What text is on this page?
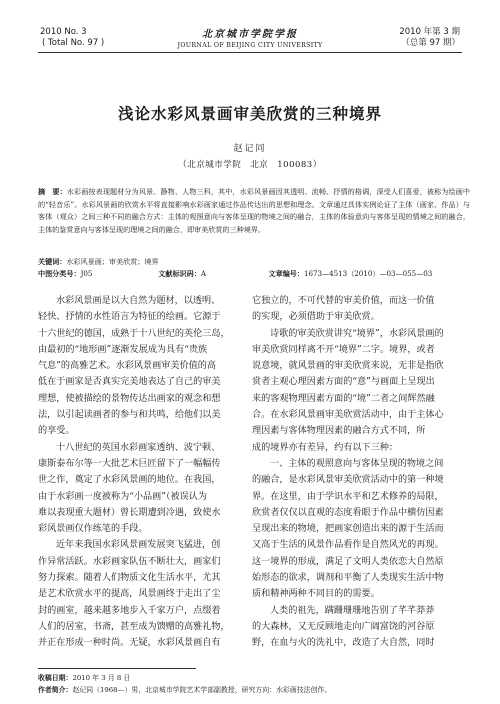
2010 No. 3
( Total No. 97 )
北京城市学院学报
JOURNAL OF BEIJING CITY UNIVERSITY
2010 年第 3 期
（总第 97 期）
浅论水彩风景画审美欣赏的三种境界
赵记同
（北京城市学院　北京　100083）
摘　要：水彩画按表现题材分为风景、静物、人物三科，其中，水彩风景画因其透明、流畅、抒情的格调，深受人们喜爱，被称为绘画中的“轻音乐”。水彩风景画的欣赏水平将直接影响水彩画家通过作品传达出的思想和理念。文章通过具体实例论证了主体（画家、作品）与客体（观众）之间三种不同的融合方式：主体的观照意向与客体呈现的物境之间的融合，主体的体验意向与客体呈现的情境之间的融合，主体的鉴赏意向与客体呈现的理境之间的融合，即审美欣赏的三种境界。
关键词：水彩风景画；审美欣赏；境界
中图分类号：J05	文献标识码：A	文章编号：1673—4513（2010）—03—055—03

水彩风景画是以大自然为题材，以透明、

轻快、抒情的水性语言为特征的绘画。它源于

十六世纪的德国，成熟于十八世纪的英伦三岛，

由最初的“地形画”逐渐发展成为具有“贵族

气息”的高雅艺术。水彩风景画审美价值的高

低在于画家是否真实完美地表达了自己的审美

理想，使被描绘的景物传达出画家的观念和想

法，以引起读画者的参与和共鸣，给他们以美

的享受。

十八世纪的英国水彩画家透纳、波宁顿、

康斯泰布尔等一大批艺术巨匠留下了一幅幅传

世之作，奠定了水彩风景画的地位。在我国，

由于水彩画一度被称为“小品画”（被误认为

难以表现重大题材）曾长期遭到冷遇，致使水

彩风景画仅作练笔的手段。

近年来我国水彩风景画发展突飞猛进，创

作异常活跃。水彩画家队伍不断壮大，画家们

努力探索。随着人们物质文化生活水平，尤其

是艺术欣赏水平的提高，风景画终于走出了尘

封的画室，越来越多地步入千家万户，点缀着

人们的居室，书斋，甚至成为馈赠的高雅礼物，

并正在形成一种时尚。无疑，水彩风景画自有

它独立的，不可代替的审美价值，而这一价值

的实现，必须借助于审美欣赏。

诗歌的审美欣赏讲究“境界”，水彩风景画的

审美欣赏同样离不开“境界”二字。境界，或者

说意境，就风景画的审美欣赏来说，无非是指欣

赏者主观心理因素方面的“意”与画面上呈现出

来的客观物理因素方面的“境”二者之间辉然融

合。在水彩风景画审美欣赏活动中，由于主体心

理因素与客体物理因素的融合方式不同，所

成的境界亦有差异，约有以下三种：

一、主体的观照意向与客体呈现的物境之间

的融合，是水彩风景审美欣赏活动中的第一种境

界。在这里，由于学识水平和艺术修养的局限，

欣赏者仅仅以直观的态度看眼于作品中横仿因素

呈现出来的物境，把画家创造出来的源于生活而

又高于生活的风景作品看作是自然风光的再现。

这一境界的形成，满足了文明人类依恋大自然原

始形态的欲求，调剂和平衡了人类现实生活中物

质和精神两种不同目的的需要。

人类的祖先，蹒跚珊珊地告别了芊芊莽莽

的大森林，又无反顾地走向广阔富饶的河谷原

野，在血与火的洗礼中，改造了大自然，同时

收稿日期：2010 年 3 月 8 日
作者简介：赵记同（1968—）男，北京城市学院艺术学部副教授，研究方向：水彩画技法创作。
